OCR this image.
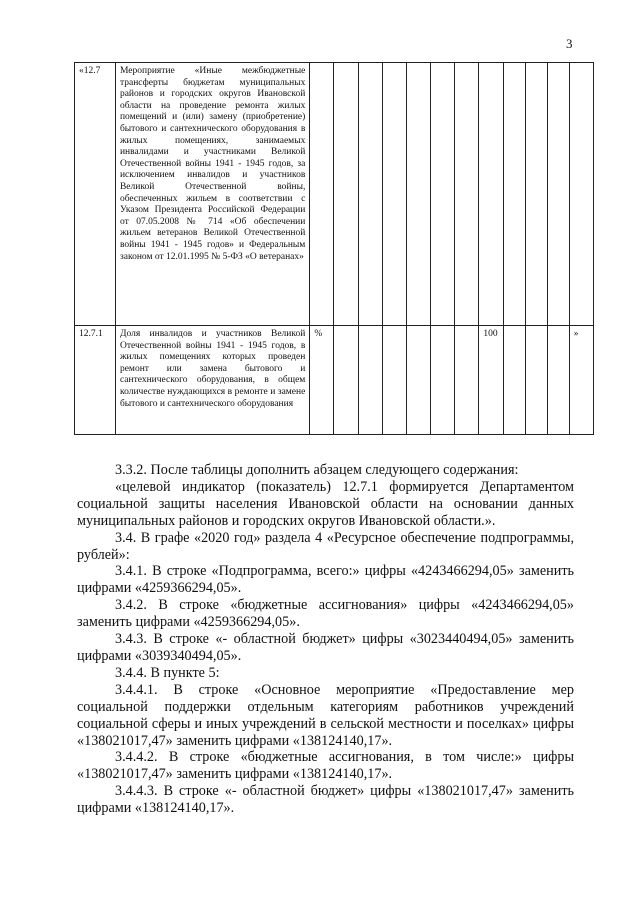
3
«12.7	Мероприятие «Иные межбюджетные трансферты бюджетам муниципальных районов и городских округов Ивановской области на проведение ремонта жилых помещений и (или) замену (приобретение) бытового и сантехнического оборудования в жилых помещениях, занимаемых инвалидами и участниками Великой Отечественной войны 1941 - 1945 годов, за исключением инвалидов и участников Великой Отечественной войны, обеспеченных жильем в соответствии с Указом Президента Российской Федерации от 07.05.2008 № 714 «Об обеспечении жильем ветеранов Великой Отечественной войны 1941 - 1945 годов» и Федеральным законом от 12.01.1995 № 5-ФЗ «О ветеранах»												
12.7.1	Доля инвалидов и участников Великой Отечественной войны 1941 - 1945 годов, в жилых помещениях которых проведен ремонт или замена бытового и сантехнического оборудования, в общем количестве нуждающихся в ремонте и замене бытового и сантехнического оборудования	%							100				»

3.3.2. После таблицы дополнить абзацем следующего содержания:

«целевой индикатор (показатель) 12.7.1 формируется Департаментом социальной защиты населения Ивановской области на основании данных муниципальных районов и городских округов Ивановской области.».

3.4. В графе «2020 год» раздела 4 «Ресурсное обеспечение подпрограммы, рублей»:

3.4.1. В строке «Подпрограмма, всего:» цифры «4243466294,05» заменить цифрами «4259366294,05».

3.4.2. В строке «бюджетные ассигнования» цифры «4243466294,05» заменить цифрами «4259366294,05».

3.4.3. В строке «- областной бюджет» цифры «3023440494,05» заменить цифрами «3039340494,05».

3.4.4. В пункте 5:

3.4.4.1. В строке «Основное мероприятие «Предоставление мер социальной поддержки отдельным категориям работников учреждений социальной сферы и иных учреждений в сельской местности и поселках» цифры «138021017,47» заменить цифрами «138124140,17».

3.4.4.2. В строке «бюджетные ассигнования, в том числе:» цифры «138021017,47» заменить цифрами «138124140,17».

3.4.4.3. В строке «- областной бюджет» цифры «138021017,47» заменить цифрами «138124140,17».
